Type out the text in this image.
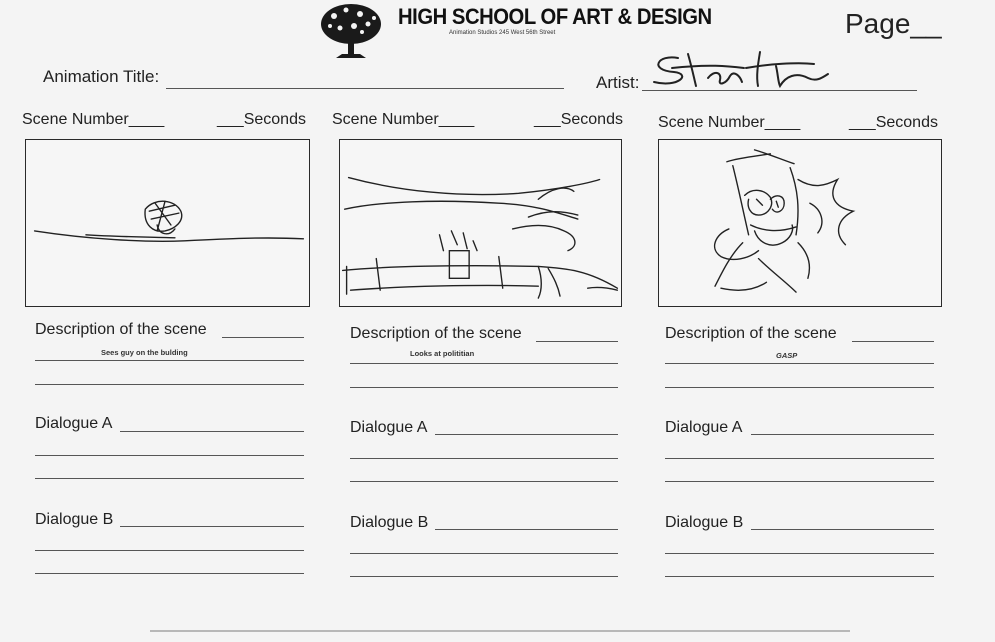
HIGH SCHOOL OF ART & DESIGN
Animation Studios 245 West 56th Street	Page__
Animation Title:	Artist:
Scene Number____	___Seconds
Description of the scene
Sees guy on the bulding
Dialogue A
Dialogue B
Scene Number____	___Seconds
Description of the scene
Looks at polititian
Dialogue A
Dialogue B
Scene Number____	___Seconds
Description of the scene
GASP
Dialogue A
Dialogue B
